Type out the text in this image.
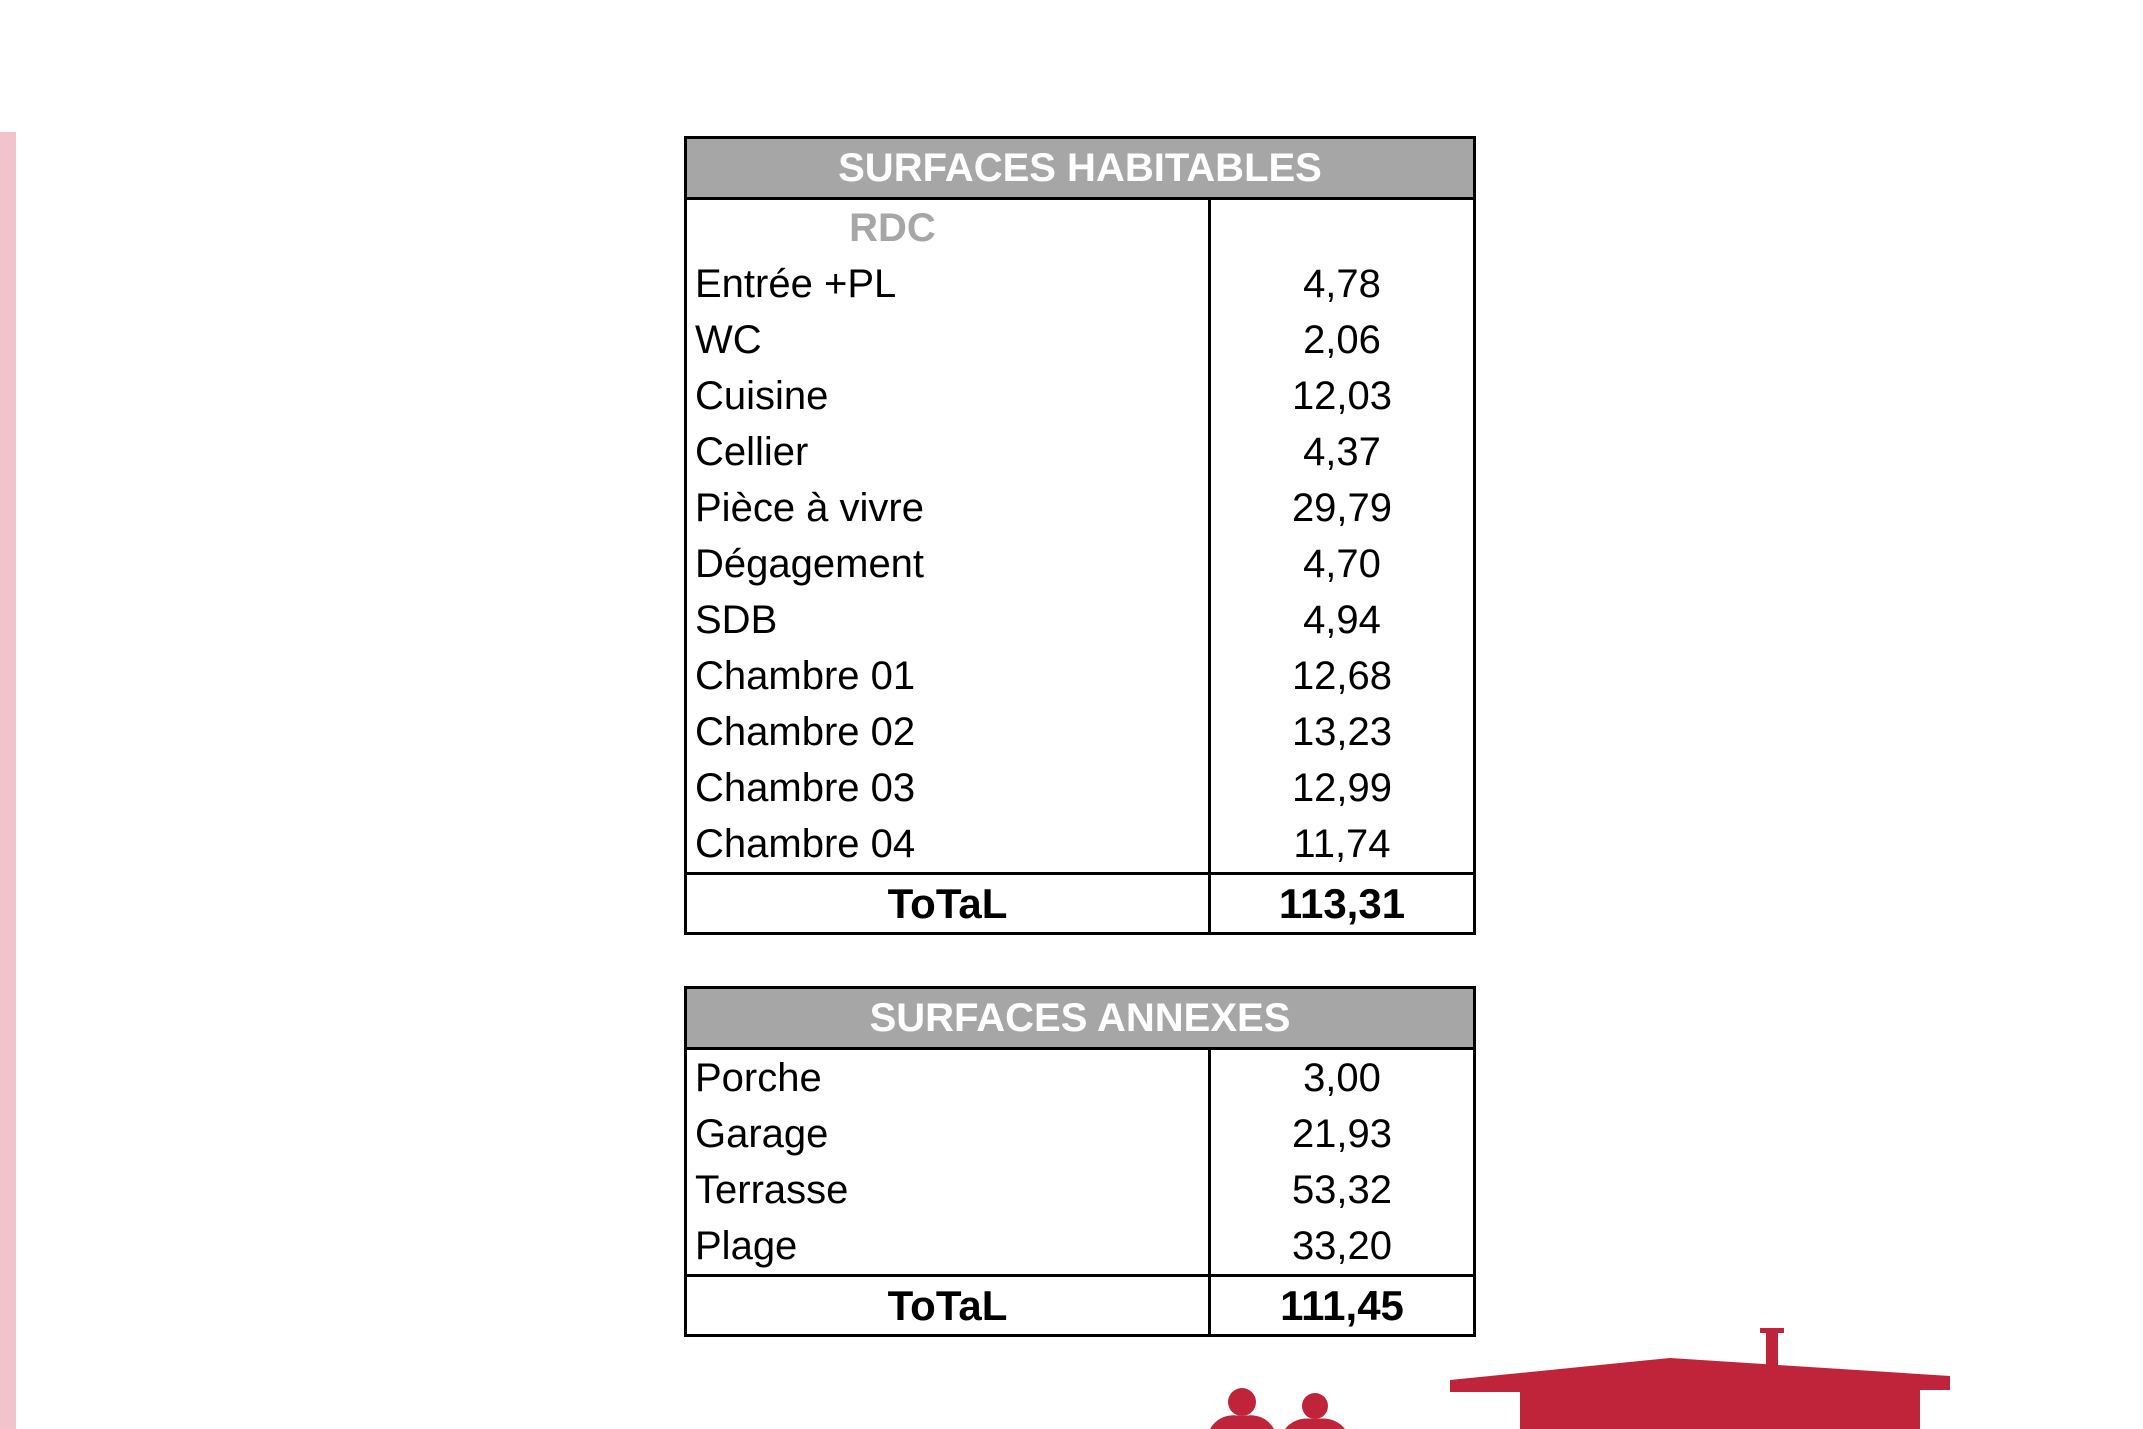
SURFACES HABITABLES
RDC
Entrée +PL
WC
Cuisine
Cellier
Pièce à vivre
Dégagement
SDB
Chambre 01
Chambre 02
Chambre 03
Chambre 04
4,78
2,06
12,03
4,37
29,79
4,70
4,94
12,68
13,23
12,99
11,74
ToTaL	113,31
SURFACES ANNEXES
Porche
Garage
Terrasse
Plage
3,00
21,93
53,32
33,20
ToTaL	111,45
